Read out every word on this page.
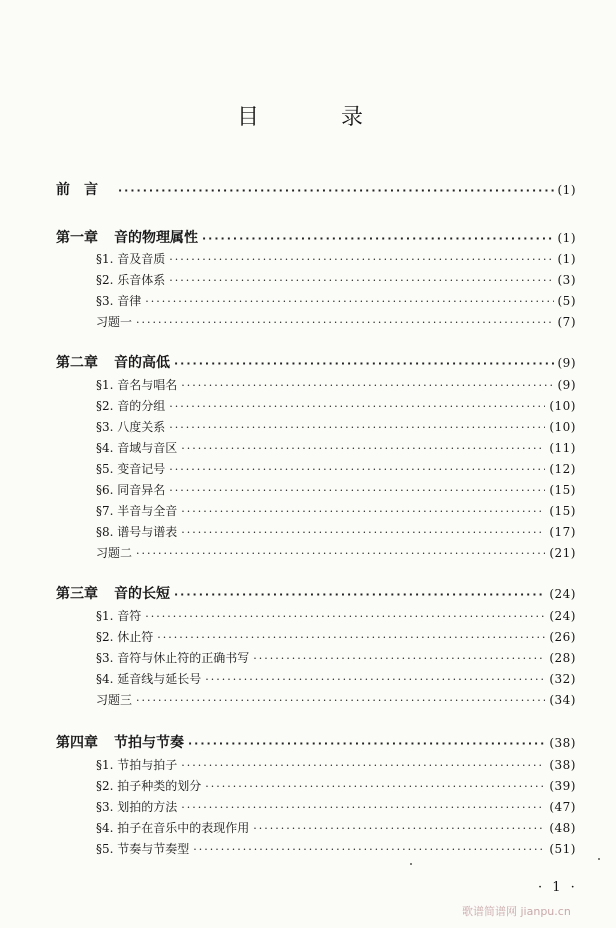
目　录
前　言 ·····	(1)
第一章 音的物理属性 ·····	(1)
§1. 音及音质 ·····	(1)
§2. 乐音体系 ·····	(3)
§3. 音律 ·····	(5)
习题一 ·····	(7)
第二章 音的高低 ·····	(9)
§1. 音名与唱名 ·····	(9)
§2. 音的分组 ·····	(10)
§3. 八度关系 ·····	(10)
§4. 音域与音区 ·····	(11)
§5. 变音记号 ·····	(12)
§6. 同音异名 ·····	(15)
§7. 半音与全音 ·····	(15)
§8. 谱号与谱表 ·····	(17)
习题二 ·····	(21)
第三章 音的长短 ·····	(24)
§1. 音符 ·····	(24)
§2. 休止符 ·····	(26)
§3. 音符与休止符的正确书写 ·····	(28)
§4. 延音线与延长号 ·····	(32)
习题三 ·····	(34)
第四章 节拍与节奏 ·····	(38)
§1. 节拍与拍子 ·····	(38)
§2. 拍子种类的划分 ·····	(39)
§3. 划拍的方法 ·····	(47)
§4. 拍子在音乐中的表现作用 ·····	(48)
§5. 节奏与节奏型 ·····	(51)
· 1 ·
歌谱简谱网 jianpu.cn
